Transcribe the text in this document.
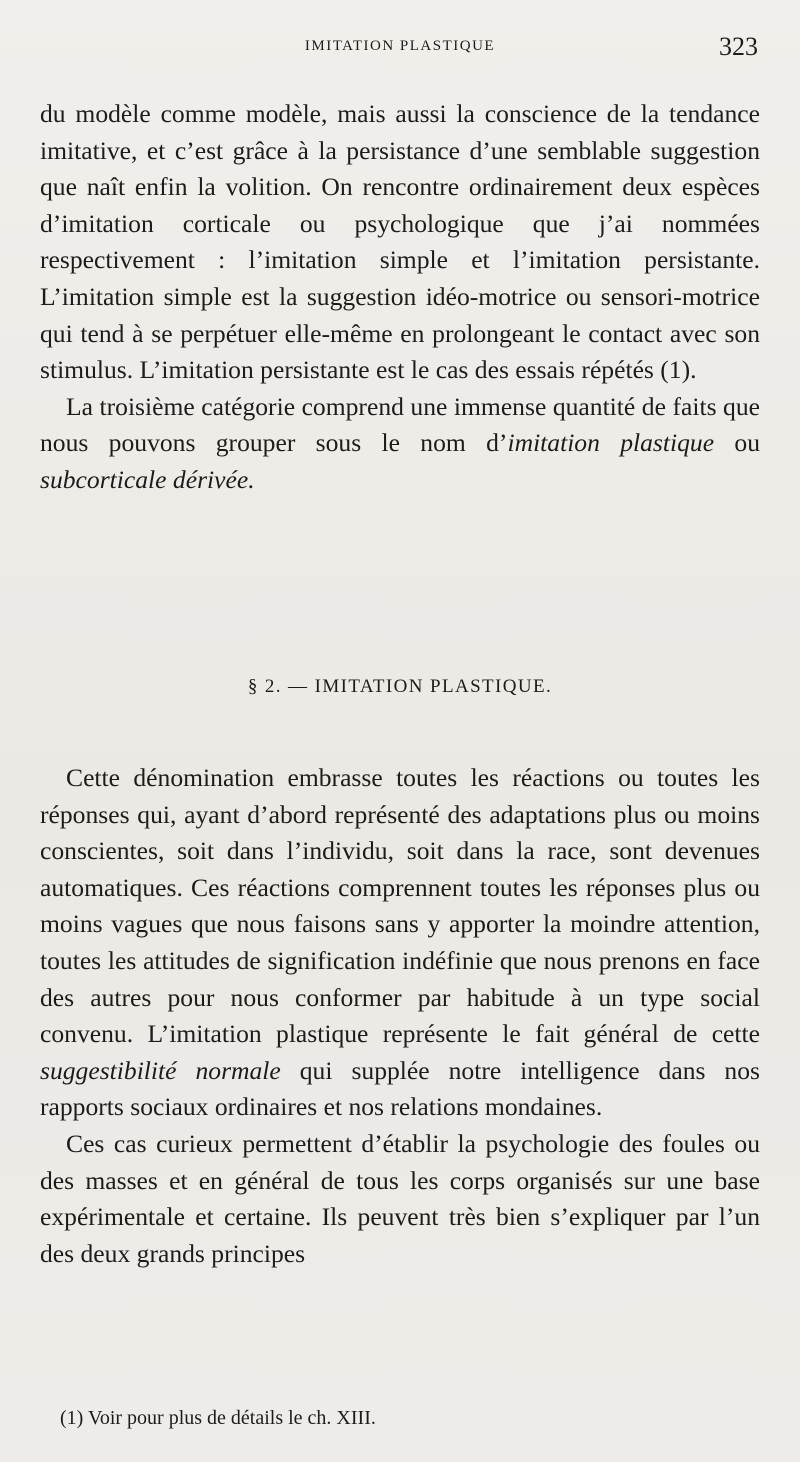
IMITATION PLASTIQUE	323

du modèle comme modèle, mais aussi la conscience de la tendance imitative, et c’est grâce à la persistance d’une semblable suggestion que naît enfin la volition. On rencontre ordinairement deux espèces d’imitation corticale ou psychologique que j’ai nommées respectivement : l’imitation simple et l’imitation persistante. L’imitation simple est la suggestion idéo-motrice ou sensori-motrice qui tend à se perpétuer elle-même en prolongeant le contact avec son stimulus. L’imitation persistante est le cas des essais répétés (1).

La troisième catégorie comprend une immense quantité de faits que nous pouvons grouper sous le nom d’imitation plastique ou subcorticale dérivée.

§ 2. — IMITATION PLASTIQUE.

Cette dénomination embrasse toutes les réactions ou toutes les réponses qui, ayant d’abord représenté des adaptations plus ou moins conscientes, soit dans l’individu, soit dans la race, sont devenues automatiques. Ces réactions comprennent toutes les réponses plus ou moins vagues que nous faisons sans y apporter la moindre attention, toutes les attitudes de signification indéfinie que nous prenons en face des autres pour nous conformer par habitude à un type social convenu. L’imitation plastique représente le fait général de cette suggestibilité normale qui supplée notre intelligence dans nos rapports sociaux ordinaires et nos relations mondaines.

Ces cas curieux permettent d’établir la psychologie des foules ou des masses et en général de tous les corps organisés sur une base expérimentale et certaine. Ils peuvent très bien s’expliquer par l’un des deux grands principes

(1) Voir pour plus de détails le ch. XIII.
